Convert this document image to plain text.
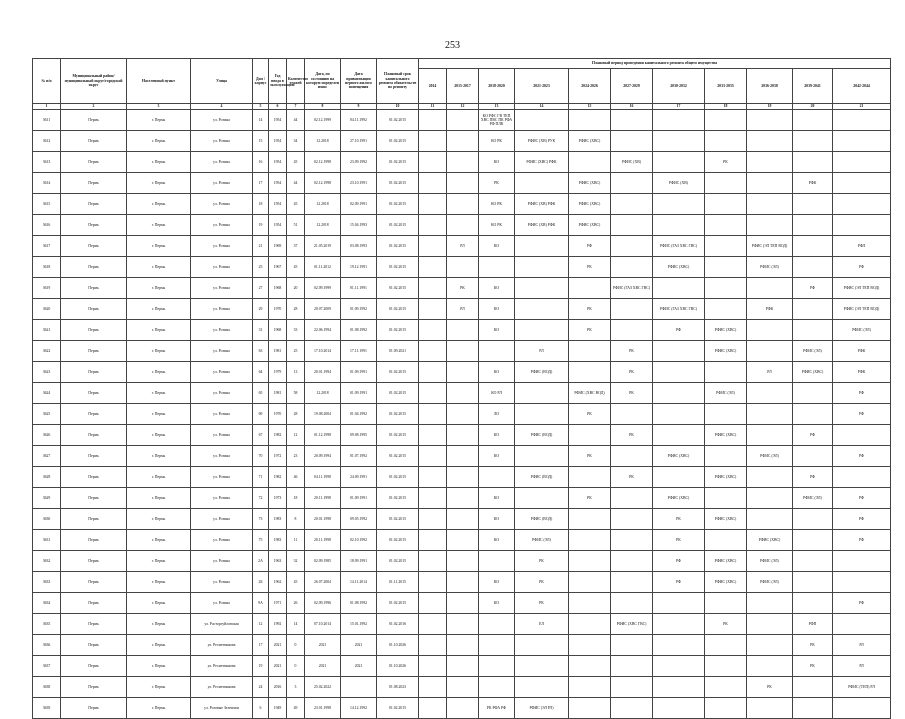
253
№ п/п	Муниципальный район/ муниципальный округ/городской округ	Населенный пункт	Улица	Дом / корпус	Год ввода в эксплуатацию	Количество этажей	Дата, по состоянию на которую определен износ	Дата приватизации первого жилого помещения	Плановый срок капитального ремонта обязательств по ремонту	Плановый период проведения капитального ремонта общего имущества										
										2014	2015-2017	2018-2020	2021-2023	2024-2026	2027-2029	2030-2032	2033-2035	2036-2038	2039-2041	2042-2044
1	2	3	4	5	6	7	8	9	10	11	12	13	14	15	16	17	18	19	20	21
3611	Пермь	г. Пермь	ул. Розина	14	1954	44	02.12.1999	04.11.1992	01.02.2015			КО РФС ГВ ТЕП ХВС ПВС ПК РФА РФ ПЛК								
3612	Пермь	г. Пермь	ул. Розина	15	1954	34	12.2018	27.10.1991	01.02.2015			КО РК	РФИС (ХВ) РУК	РФИС (ХВС)						
3613	Пермь	г. Пермь	ул. Розина	16	1954	45	02.12.1998	23.09.1992	01.02.2015			КО	РФИС (ХВС) РФК		РФИС (ХВ)		РК			
3614	Пермь	г. Пермь	ул. Розина	17	1954	44	02.12.1998	23.10.1991	01.02.2015			РК		РФИС (ХВС)		РФИС (ХВ)			РФК	
3615	Пермь	г. Пермь	ул. Розина	18	1954	45	12.2018	02.09.1991	01.02.2015			КО РК	РФИС (ХВ) РФК	РФИС (ХВС)						
3616	Пермь	г. Пермь	ул. Розина	19	1954	51	12.2018	15.04.1993	01.02.2015			КО РК	РФИС (ХВ) РФК	РФИС (ХВС)						
3617	Пермь	г. Пермь	ул. Розина	21	1969	37	21.05.2019	03.08.1993	01.02.2015		РЛ	КО		РФ		РФИС (ГАЗ ХВС ГВС)		РФИС (ЭЛ ТЕП ВОД)		РФЛ
3618	Пермь	г. Пермь	ул. Розина	25	1967	45	01.11.2012	19.12.1991	01.02.2015					РК		РФИС (ХВС)		РФИС (ЭЛ)		РФ
3619	Пермь	г. Пермь	ул. Розина	27	1968	20	02.09.1999	01.11.1991	01.02.2015		РК	КО			РФИС (ГАЗ ХВС ГВС)				РФ	РФИС (ЭЛ ТЕП ВОД)
3620	Пермь	г. Пермь	ул. Розина	29	1970	28	20.07.2009	01.09.1992	01.02.2015		РЛ	КО		РК		РФИС (ГАЗ ХВС ГВС)		РФК		РФИС (ЭЛ ТЕП ВОД)
3621	Пермь	г. Пермь	ул. Розина	31	1968	33	22.06.1994	01.08.1992	01.02.2015			КО		РК		РФ	РФИС (ХВС)			РФИС (ЭЛ)
3622	Пермь	г. Пермь	ул. Розина	63	1981	25	17.10.2014	17.11.1991	01.09.2021				РЛ		РК		РФИС (ХВС)		РФИС (ЭЛ)	РФК
3623	Пермь	г. Пермь	ул. Розина	64	1979	13	20.01.1994	01.09.1991	01.02.2015			КО	РФИС (ВОД)		РК			РЛ	РФИС (ХВС)	РФК
3624	Пермь	г. Пермь	ул. Розина	65	1981	58	12.2018	01.09.1991	01.02.2015			КО РЛ		РФИС (ХВС ВОД)	РК		РФИС (ЭЛ)			РФ
3625	Пермь	г. Пермь	ул. Розина	69	1970	28	19.08.2004	01.04.1992	01.02.2015			ЛО		РК						РФ
3626	Пермь	г. Пермь	ул. Розина	67	1982	12	01.12.1998	09.08.1995	01.02.2015			КО	РФИС (ВОД)		РК		РФИС (ХВС)		РФ	
3627	Пермь	г. Пермь	ул. Розина	70	1972	23	20.09.1994	01.07.1992	01.02.2015			КО		РК		РФИС (ХВС)		РФИС (ЭЛ)		РФ
3628	Пермь	г. Пермь	ул. Розина	71	1982	46	04.11.1998	24.09.1991	01.02.2015				РФИС (ВОД)		РК		РФИС (ХВС)		РФ	
3629	Пермь	г. Пермь	ул. Розина	72	1973	18	20.11.1998	01.09.1991	01.02.2015			КО		РК		РФИС (ХВС)			РФИС (ЭЛ)	РФ
3630	Пермь	г. Пермь	ул. Розина	73	1983	8	20.01.1998	09.05.1992	01.02.2015			КО	РФИС (ВОД)			РК	РФИС (ХВС)			РФ
3631	Пермь	г. Пермь	ул. Розина	75	1983	11	20.11.1998	02.10.1992	01.02.2015			КО	РФИС (ЭЛ)			РК		РФИС (ХВС)		РФ
3632	Пермь	г. Пермь	ул. Розина	2А	1963	32	02.09.1985	18.09.1991	01.02.2015				РК			РФ	РФИС (ХВС)	РФИС (ЭЛ)		
3633	Пермь	г. Пермь	ул. Розина	2Б	1962	45	26.07.2004	14.11.2014	01.11.2015			КО	РК			РФ	РФИС (ХВС)	РФИС (ЭЛ)		
3634	Пермь	г. Пермь	ул. Розина	9А	1971	26	02.09.1996	01.08.1992	01.02.2015			КО	РК							РФ
3635	Пермь	г. Пермь	ул. Расторгуйловская	12	1992	14	07.10.2014	15.01.1992	01.02.2016				ЕЛ		РФИС (ХВС ГВС)		РК		РФП	
3636	Пермь	г. Пермь	ул. Ресметинкова	17	2021	0	2021	2021	01.10.2026										РК	РЛ
3637	Пермь	г. Пермь	ул. Ресметинкова	19	2021	0	2021	2021	01.10.2026										РК	РЛ
3638	Пермь	г. Пермь	ул. Ресметинкова	24	2016	3	25.02.2022		01.08.2023									РК		РФИС (ТЕП) РЛ
3639	Пермь	г. Пермь	ул. Розовые Зеленчки	6	1949	49	23.01.1998	14.12.1992	01.02.2015			РК РФА РФ	РФИС (ЭЛ РЛ)							
